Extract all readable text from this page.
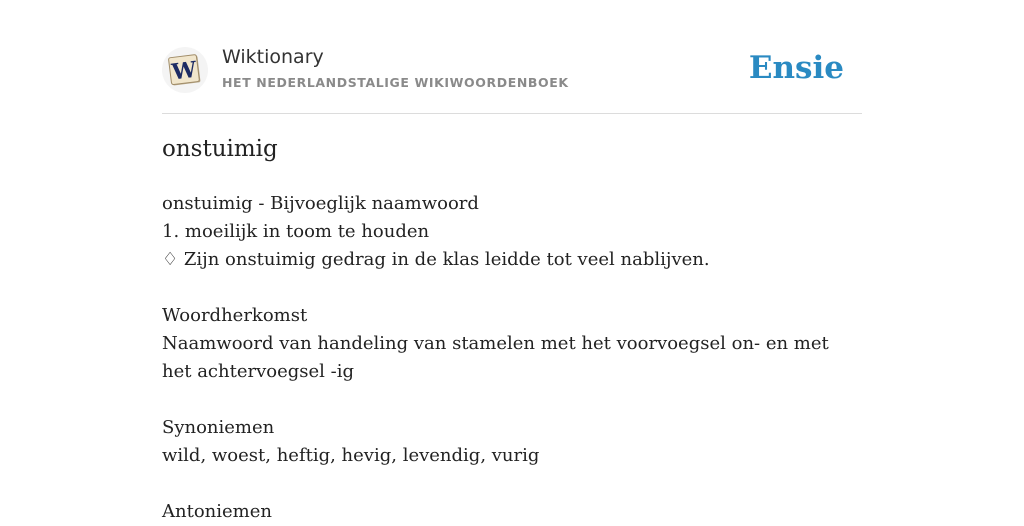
W Wiktionary
HET NEDERLANDSTALIGE WIKIWOORDENBOEK	Ensie
onstuimig
onstuimig - Bijvoeglijk naamwoord
1. moeilijk in toom te houden
♢ Zijn onstuimig gedrag in de klas leidde tot veel nablijven.
Woordherkomst
Naamwoord van handeling van stamelen met het voorvoegsel on- en met het achtervoegsel -ig
Synoniemen
wild, woest, heftig, hevig, levendig, vurig
Antoniemen
